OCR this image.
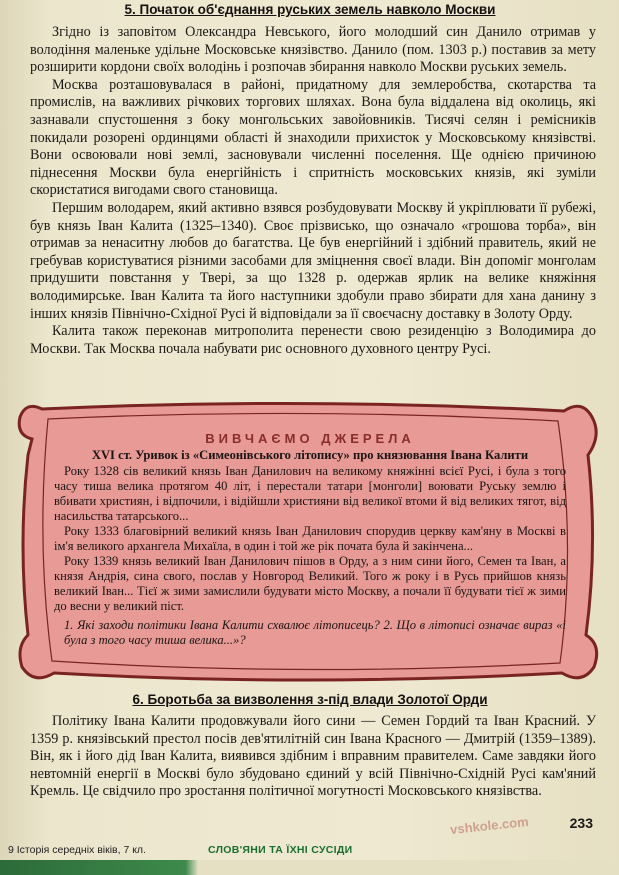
5. Початок об'єднання руських земель навколо Москви

Згідно із заповітом Олександра Невського, його молодший син Данило отримав у володіння маленьке удільне Московське князівство. Данило (пом. 1303 р.) поставив за мету розширити кордони своїх володінь і розпочав збирання навколо Москви руських земель.

Москва розташовувалася в районі, придатному для землеробства, скотарства та промислів, на важливих річкових торгових шляхах. Вона була віддалена від околиць, які зазнавали спустошення з боку монгольських завойовників. Тисячі селян і ремісників покидали розорені ординцями області й знаходили прихисток у Московському князівстві. Вони освоювали нові землі, засновували численні поселення. Ще однією причиною піднесення Москви була енергійність і спритність московських князів, які зуміли скористатися вигодами свого становища.

Першим володарем, який активно взявся розбудовувати Москву й укріплювати її рубежі, був князь Іван Калита (1325–1340). Своє прізвисько, що означало «грошова торба», він отримав за ненаситну любов до багатства. Це був енергійний і здібний правитель, який не гребував користуватися різними засобами для зміцнення своєї влади. Він допоміг монголам придушити повстання у Твері, за що 1328 р. одержав ярлик на велике княжіння володимирське. Іван Калита та його наступники здобули право збирати для хана данину з інших князів Північно-Східної Русі й відповідали за її своєчасну доставку в Золоту Орду.

Калита також переконав митрополита перенести свою резиденцію з Володимира до Москви. Так Москва почала набувати рис основного духовного центру Русі.

ВИВЧАЄМО ДЖЕРЕЛА
XVI ст. Уривок із «Симеонівського літопису» про князювання Івана Калити

Року 1328 сів великий князь Іван Данилович на великому княжінні всієї Русі, і була з того часу тиша велика протягом 40 літ, і перестали татари [монголи] воювати Руську землю і вбивати християн, і відпочили, і відійшли християни від великої втоми й від великих тягот, від насильства татарського...

Року 1333 благовірний великий князь Іван Данилович спорудив церкву кам'яну в Москві в ім'я великого архангела Михаїла, в один і той же рік почата була й закінчена...

Року 1339 князь великий Іван Данилович пішов в Орду, а з ним сини його, Семен та Іван, а князя Андрія, сина свого, послав у Новгород Великий. Того ж року і в Русь прийшов князь великий Іван... Тієї ж зими замислили будувати місто Москву, а почали її будувати тієї ж зими до весни у великий піст.

1. Які заходи політики Івана Калити схвалює літописець? 2. Що в літописі означає вираз «і була з того часу тиша велика...»?

6. Боротьба за визволення з-під влади Золотої Орди

Політику Івана Калити продовжували його сини — Семен Гордий та Іван Красний. У 1359 р. князівський престол посів дев'ятилітній син Івана Красного — Дмитрій (1359–1389). Він, як і його дід Іван Калита, виявився здібним і вправним правителем. Саме завдяки його невтомній енергії в Москві було збудовано єдиний у всій Північно-Східній Русі кам'яний Кремль. Це свідчило про зростання політичної могутності Московського князівства.

vshkole.com	233
9 Історія середніх віків, 7 кл.	СЛОВ'ЯНИ ТА ЇХНІ СУСІДИ
